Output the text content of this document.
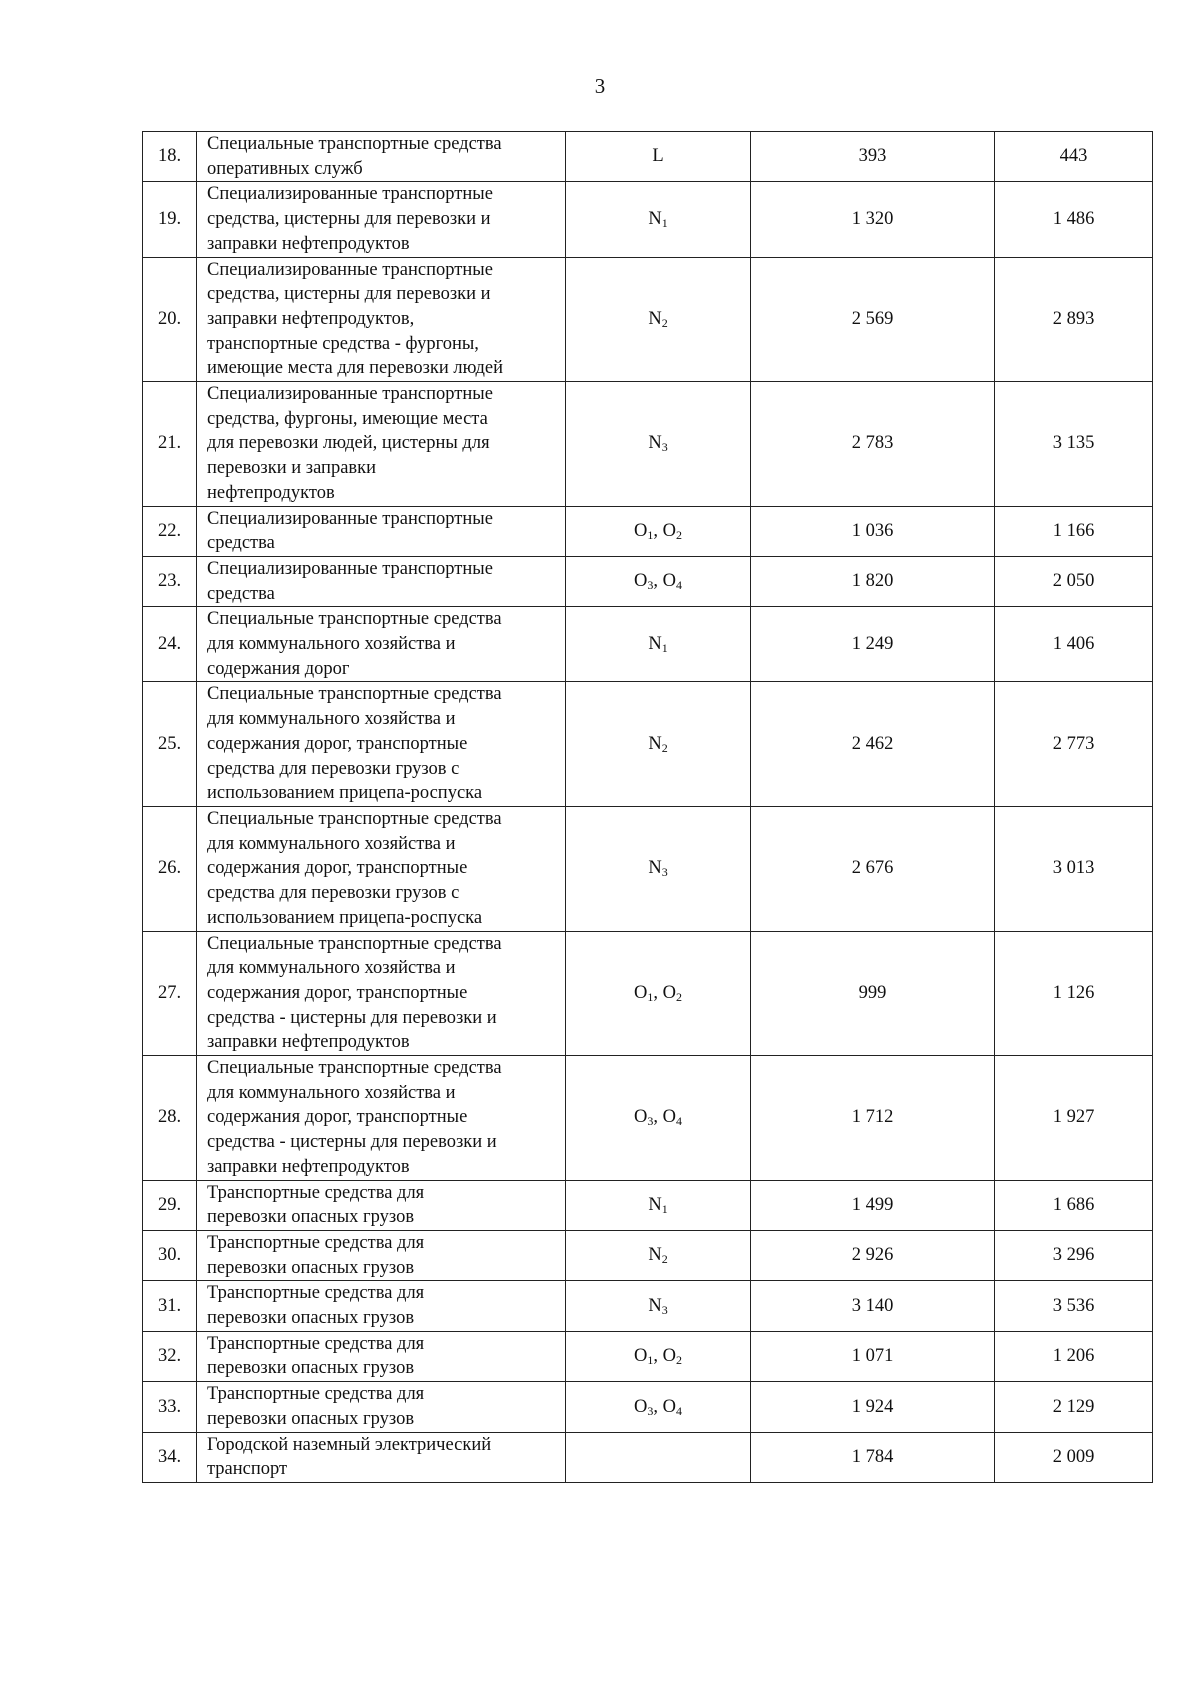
3
18.	Специальные транспортные средства
оперативных служб	L	393	443
19.	Специализированные транспортные
средства, цистерны для перевозки и
заправки нефтепродуктов	$N_1$	1 320	1 486
20.	Специализированные транспортные
средства, цистерны для перевозки и
заправки нефтепродуктов,
транспортные средства - фургоны,
имеющие места для перевозки людей	$N_2$	2 569	2 893
21.	Специализированные транспортные
средства, фургоны, имеющие места
для перевозки людей, цистерны для
перевозки и заправки
нефтепродуктов	$N_3$	2 783	3 135
22.	Специализированные транспортные
средства	$O_1$, $O_2$	1 036	1 166
23.	Специализированные транспортные
средства	$O_3$, $O_4$	1 820	2 050
24.	Специальные транспортные средства
для коммунального хозяйства и
содержания дорог	$N_1$	1 249	1 406
25.	Специальные транспортные средства
для коммунального хозяйства и
содержания дорог, транспортные
средства для перевозки грузов с
использованием прицепа-роспуска	$N_2$	2 462	2 773
26.	Специальные транспортные средства
для коммунального хозяйства и
содержания дорог, транспортные
средства для перевозки грузов с
использованием прицепа-роспуска	$N_3$	2 676	3 013
27.	Специальные транспортные средства
для коммунального хозяйства и
содержания дорог, транспортные
средства - цистерны для перевозки и
заправки нефтепродуктов	$O_1$, $O_2$	999	1 126
28.	Специальные транспортные средства
для коммунального хозяйства и
содержания дорог, транспортные
средства - цистерны для перевозки и
заправки нефтепродуктов	$O_3$, $O_4$	1 712	1 927
29.	Транспортные средства для
перевозки опасных грузов	$N_1$	1 499	1 686
30.	Транспортные средства для
перевозки опасных грузов	$N_2$	2 926	3 296
31.	Транспортные средства для
перевозки опасных грузов	$N_3$	3 140	3 536
32.	Транспортные средства для
перевозки опасных грузов	$O_1$, $O_2$	1 071	1 206
33.	Транспортные средства для
перевозки опасных грузов	$O_3$, $O_4$	1 924	2 129
34.	Городской наземный электрический
транспорт		1 784	2 009
